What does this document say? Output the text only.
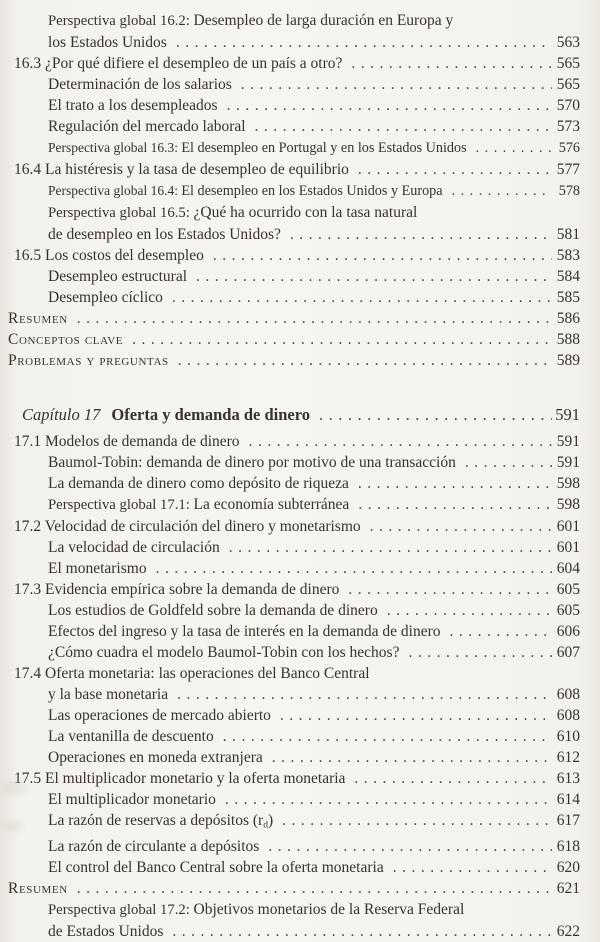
Perspectiva global 16.2: Desempleo de larga duración en Europa y
los Estados Unidos .....	563
16.3 ¿Por qué difiere el desempleo de un país a otro? .....	565
Determinación de los salarios .....	565
El trato a los desempleados .....	570
Regulación del mercado laboral .....	573
Perspectiva global 16.3: El desempleo en Portugal y en los Estados Unidos .....	576
16.4 La histéresis y la tasa de desempleo de equilibrio .....	577
Perspectiva global 16.4: El desempleo en los Estados Unidos y Europa .....	578
Perspectiva global 16.5: ¿Qué ha ocurrido con la tasa natural
de desempleo en los Estados Unidos? .....	581
16.5 Los costos del desempleo .....	583
Desempleo estructural .....	584
Desempleo cíclico .....	585
Resumen .....	586
Conceptos clave .....	588
Problemas y preguntas .....	589
Capítulo 17 Oferta y demanda de dinero .....	591
17.1 Modelos de demanda de dinero .....	591
Baumol-Tobin: demanda de dinero por motivo de una transacción .....	591
La demanda de dinero como depósito de riqueza .....	598
Perspectiva global 17.1: La economía subterránea .....	598
17.2 Velocidad de circulación del dinero y monetarismo .....	601
La velocidad de circulación .....	601
El monetarismo .....	604
17.3 Evidencia empírica sobre la demanda de dinero .....	605
Los estudios de Goldfeld sobre la demanda de dinero .....	605
Efectos del ingreso y la tasa de interés en la demanda de dinero .....	606
¿Cómo cuadra el modelo Baumol-Tobin con los hechos? .....	607
17.4 Oferta monetaria: las operaciones del Banco Central
y la base monetaria .....	608
Las operaciones de mercado abierto .....	608
La ventanilla de descuento .....	610
Operaciones en moneda extranjera .....	612
17.5 El multiplicador monetario y la oferta monetaria .....	613
El multiplicador monetario .....	614
La razón de reservas a depósitos $(r_d)$ .....	617
La razón de circulante a depósitos .....	618
El control del Banco Central sobre la oferta monetaria .....	620
Resumen .....	621
Perspectiva global 17.2: Objetivos monetarios de la Reserva Federal
de Estados Unidos .....	622
